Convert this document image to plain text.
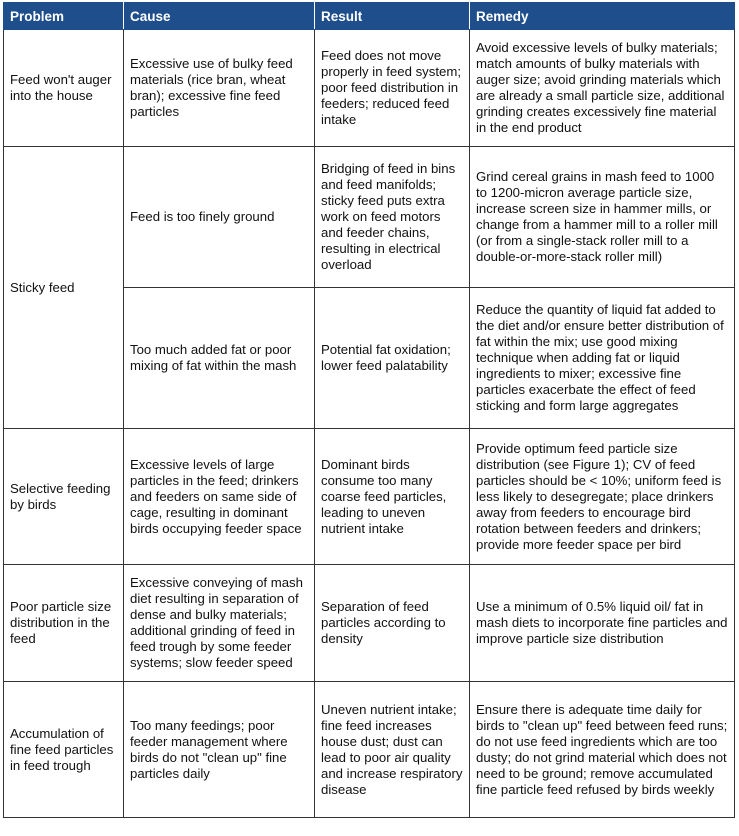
Problem	Cause	Result	Remedy
Feed won't auger into the house	Excessive use of bulky feed materials (rice bran, wheat bran); excessive fine feed particles	Feed does not move properly in feed system; poor feed distribution in feeders; reduced feed intake	Avoid excessive levels of bulky materials; match amounts of bulky materials with auger size; avoid grinding materials which are already a small particle size, additional grinding creates excessively fine material in the end product
Sticky feed	Feed is too finely ground	Bridging of feed in bins and feed manifolds; sticky feed puts extra work on feed motors and feeder chains, resulting in electrical overload	Grind cereal grains in mash feed to 1000 to 1200-micron average particle size, increase screen size in hammer mills, or change from a hammer mill to a roller mill (or from a single-stack roller mill to a double-or-more-stack roller mill)
	Too much added fat or poor mixing of fat within the mash	Potential fat oxidation; lower feed palatability	Reduce the quantity of liquid fat added to the diet and/or ensure better distribution of fat within the mix; use good mixing technique when adding fat or liquid ingredients to mixer; excessive fine particles exacerbate the effect of feed sticking and form large aggregates
Selective feeding by birds	Excessive levels of large particles in the feed; drinkers and feeders on same side of cage, resulting in dominant birds occupying feeder space	Dominant birds consume too many coarse feed particles, leading to uneven nutrient intake	Provide optimum feed particle size distribution (see Figure 1); CV of feed particles should be < 10%; uniform feed is less likely to desegregate; place drinkers away from feeders to encourage bird rotation between feeders and drinkers; provide more feeder space per bird
Poor particle size distribution in the feed	Excessive conveying of mash diet resulting in separation of dense and bulky materials; additional grinding of feed in feed trough by some feeder systems; slow feeder speed	Separation of feed particles according to density	Use a minimum of 0.5% liquid oil/ fat in mash diets to incorporate fine particles and improve particle size distribution
Accumulation of fine feed particles in feed trough	Too many feedings; poor feeder management where birds do not "clean up" fine particles daily	Uneven nutrient intake; fine feed increases house dust; dust can lead to poor air quality and increase respiratory disease	Ensure there is adequate time daily for birds to "clean up" feed between feed runs; do not use feed ingredients which are too dusty; do not grind material which does not need to be ground; remove accumulated fine particle feed refused by birds weekly
